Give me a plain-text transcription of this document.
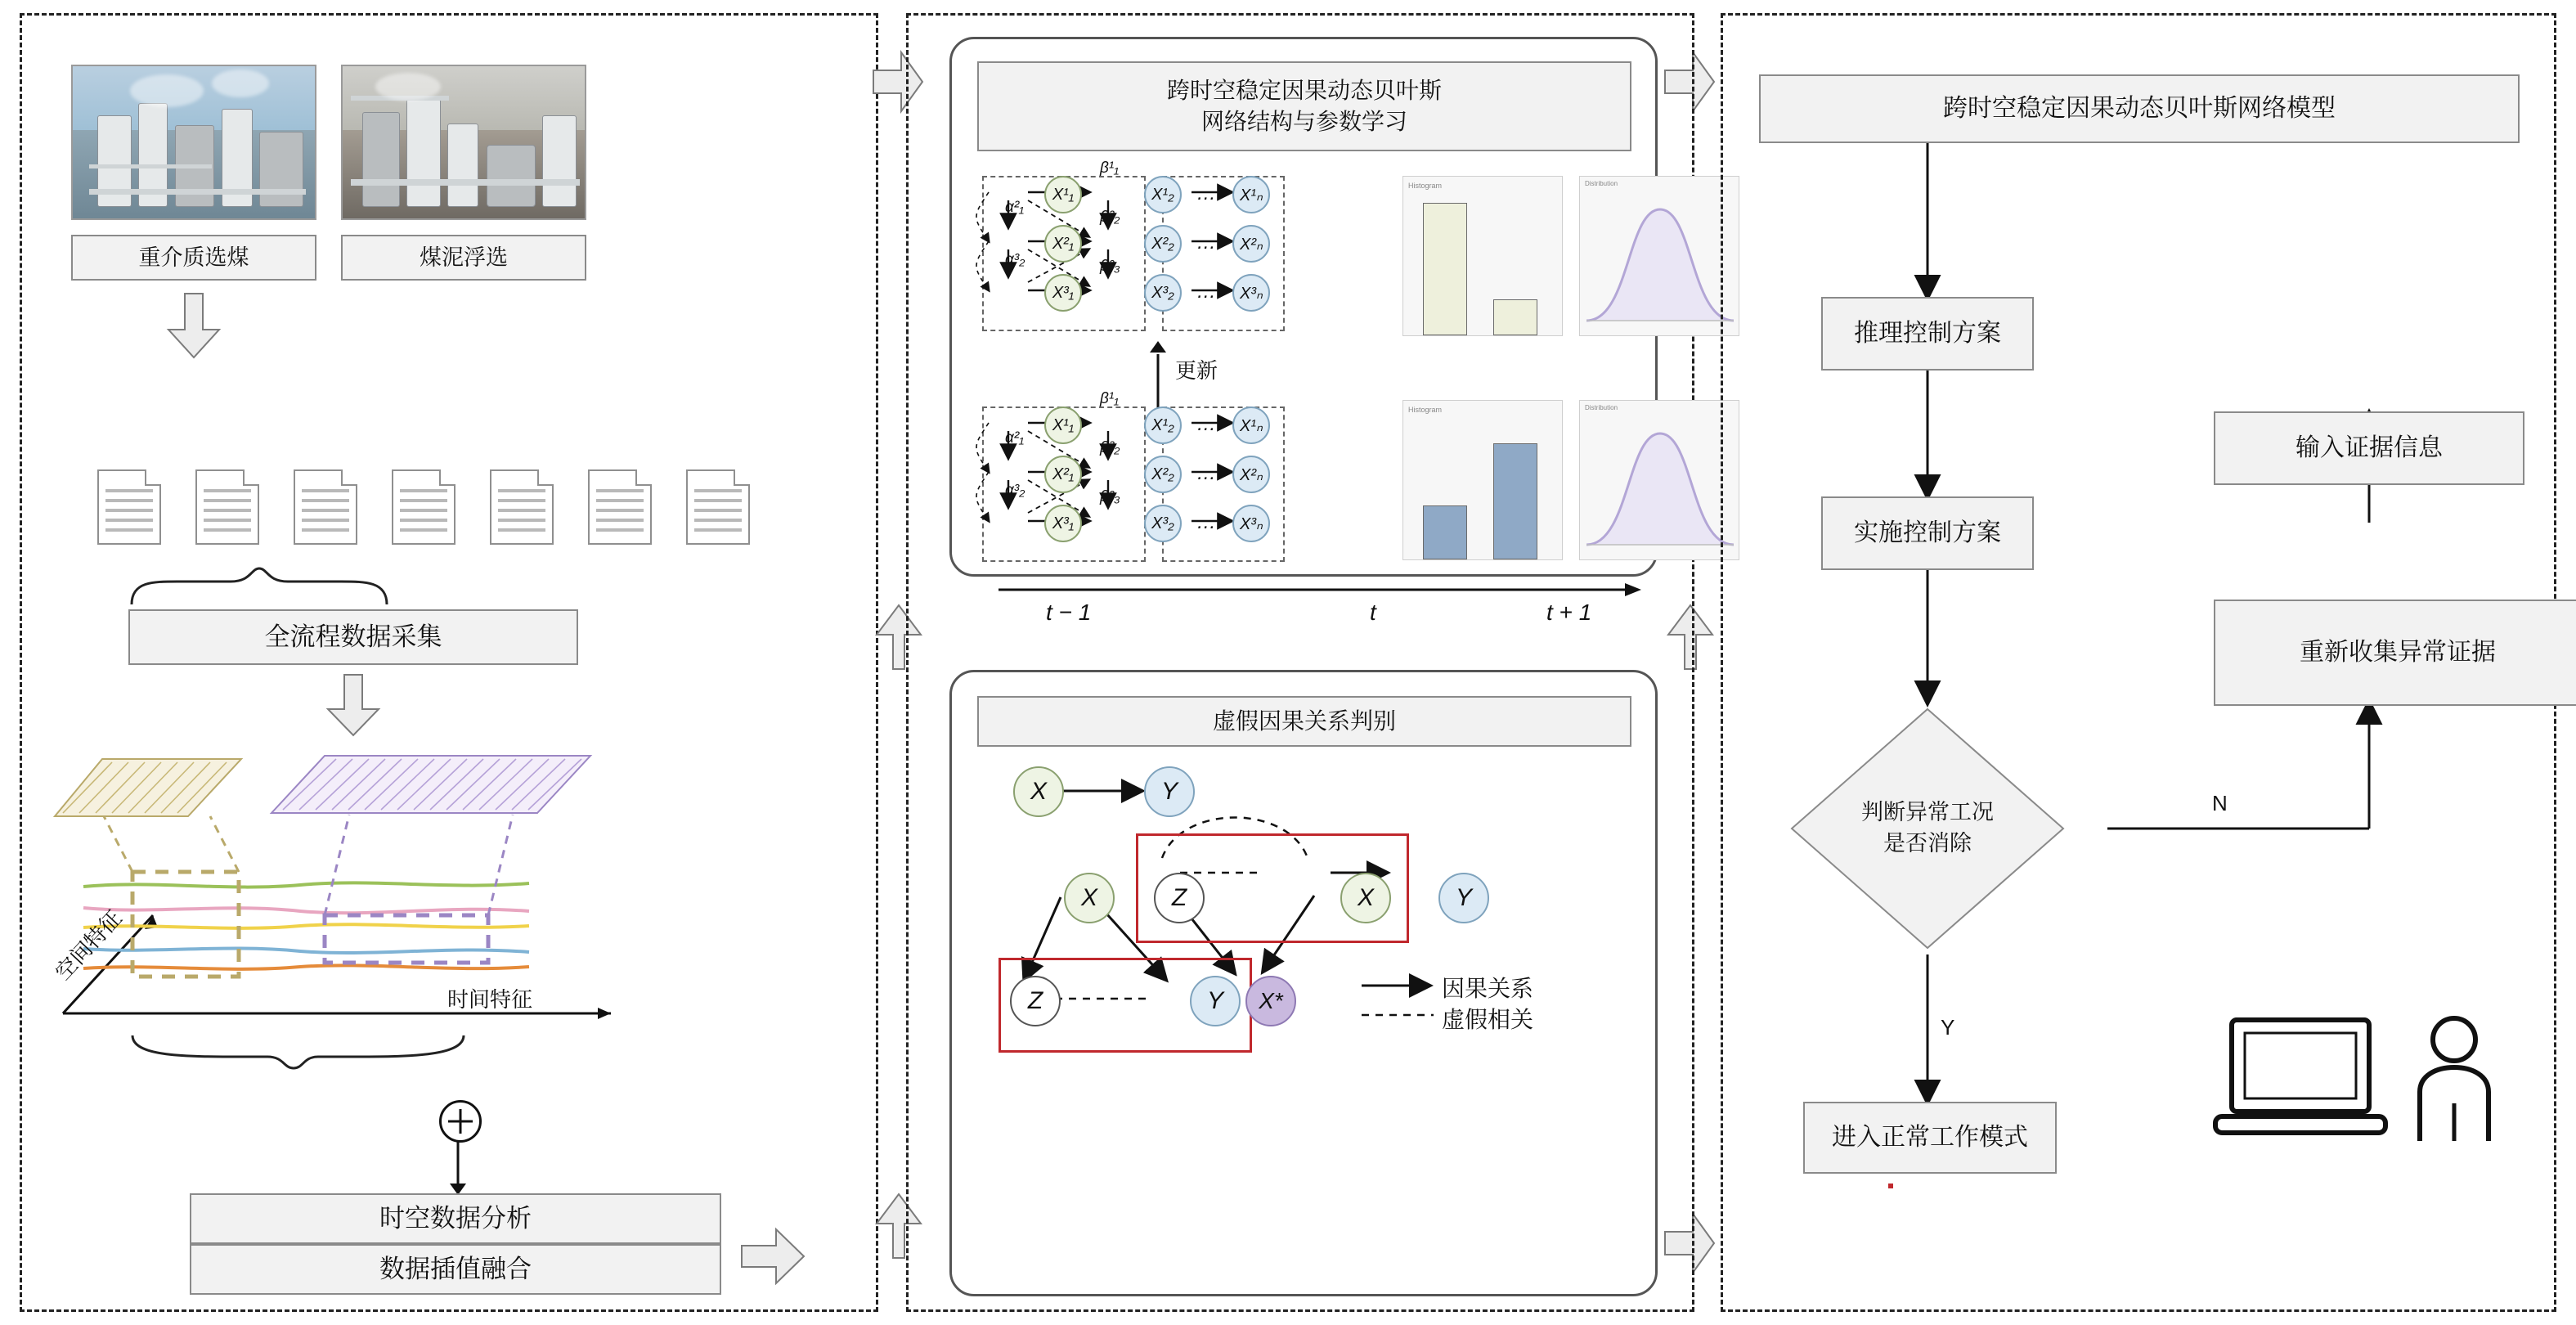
重介质选煤	煤泥浮选
全流程数据采集
空间特征
时间特征
时空数据分析
数据插值融合
跨时空稳定因果动态贝叶斯
网络结构与参数学习
X¹₁
X²₁
X³₁
X¹₂
X²₂
X³₂
…
…
…
X¹ₙ
X²ₙ
X³ₙ
α²₁
α³₂
β¹₁
β²₂
β³₃
Histogram	Distribution
更新
X¹₁
X²₁
X³₁
X¹₂
X²₂
X³₂
…
…
…
X¹ₙ
X²ₙ
X³ₙ
α²₁
α³₂
β¹₁
β²₂
β³₃
Histogram	Distribution
t − 1	t	t + 1
虚假因果关系判别
X	Y
X	Z	X	Y
Z	Y	X*	因果关系
虚假相关
跨时空稳定因果动态贝叶斯网络模型
推理控制方案
实施控制方案
判断异常工况
是否消除
Y
N
进入正常工作模式
输入证据信息
重新收集异常证据
